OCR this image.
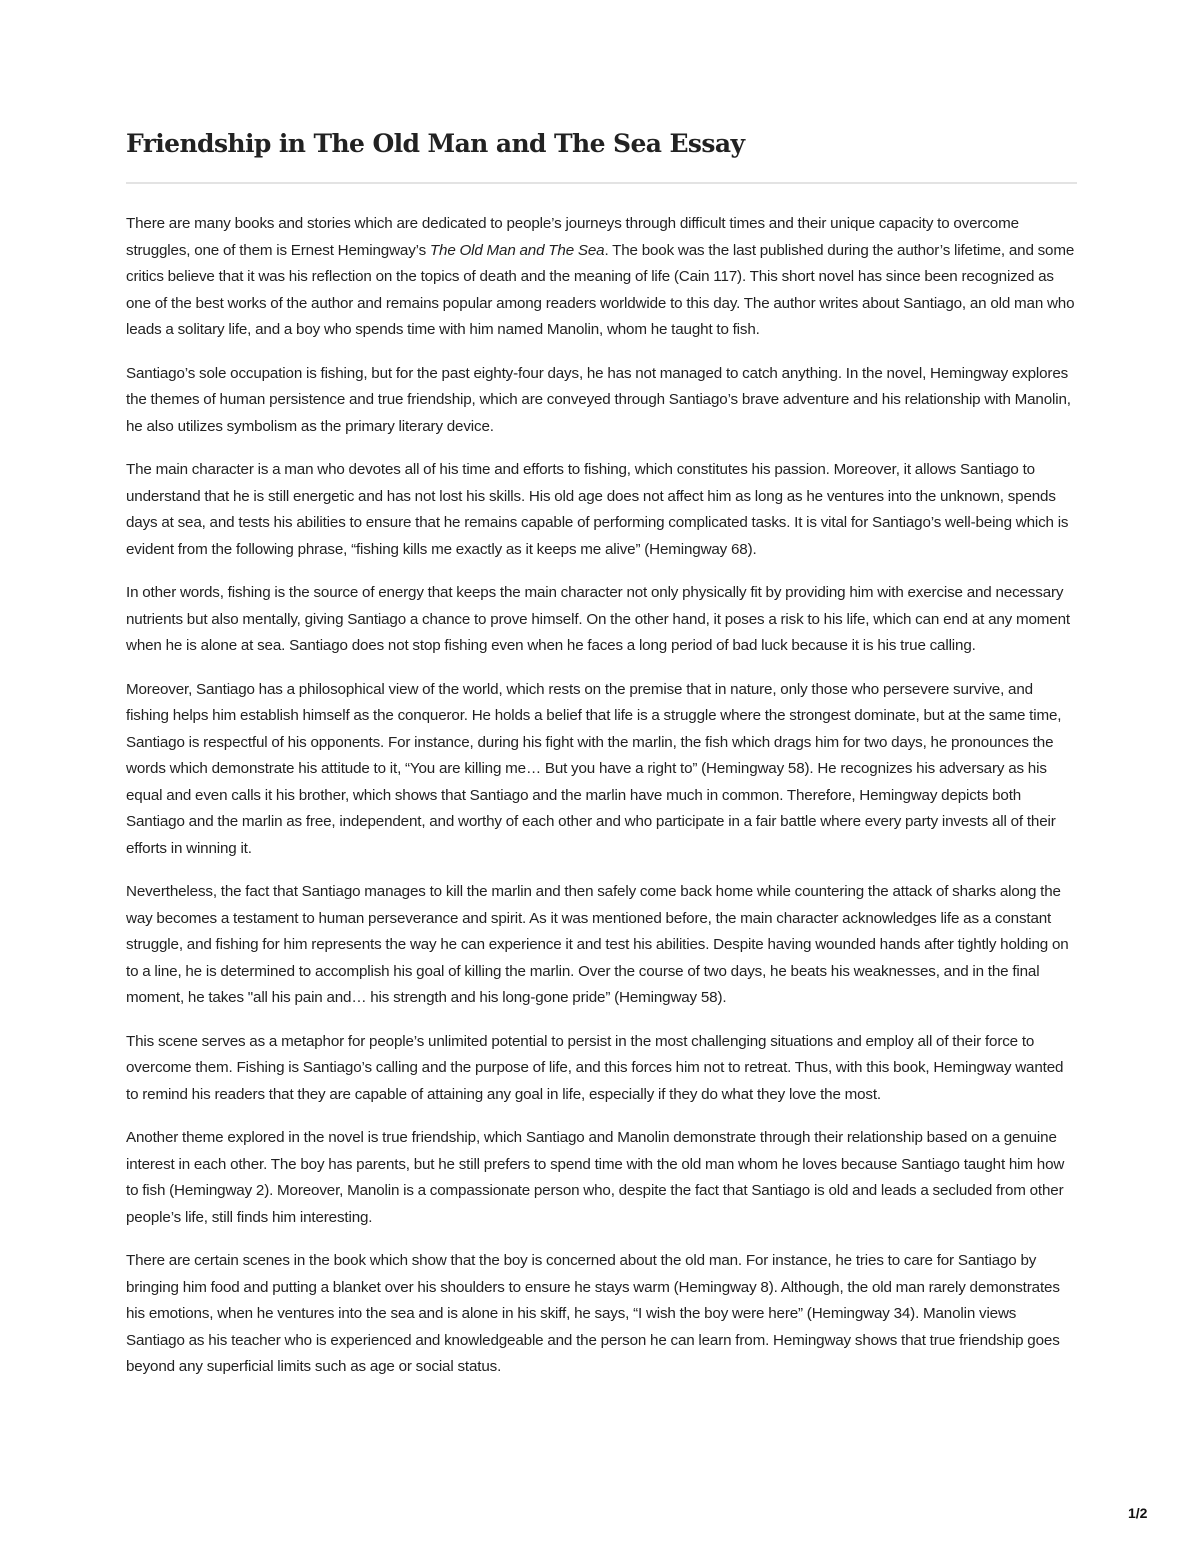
Friendship in The Old Man and The Sea Essay

There are many books and stories which are dedicated to people’s journeys through difficult times and their unique capacity to overcome struggles, one of them is Ernest Hemingway’s The Old Man and The Sea. The book was the last published during the author’s lifetime, and some critics believe that it was his reflection on the topics of death and the meaning of life (Cain 117). This short novel has since been recognized as one of the best works of the author and remains popular among readers worldwide to this day. The author writes about Santiago, an old man who leads a solitary life, and a boy who spends time with him named Manolin, whom he taught to fish.

Santiago’s sole occupation is fishing, but for the past eighty-four days, he has not managed to catch anything. In the novel, Hemingway explores the themes of human persistence and true friendship, which are conveyed through Santiago’s brave adventure and his relationship with Manolin, he also utilizes symbolism as the primary literary device.

The main character is a man who devotes all of his time and efforts to fishing, which constitutes his passion. Moreover, it allows Santiago to understand that he is still energetic and has not lost his skills. His old age does not affect him as long as he ventures into the unknown, spends days at sea, and tests his abilities to ensure that he remains capable of performing complicated tasks. It is vital for Santiago’s well-being which is evident from the following phrase, “fishing kills me exactly as it keeps me alive” (Hemingway 68).

In other words, fishing is the source of energy that keeps the main character not only physically fit by providing him with exercise and necessary nutrients but also mentally, giving Santiago a chance to prove himself. On the other hand, it poses a risk to his life, which can end at any moment when he is alone at sea. Santiago does not stop fishing even when he faces a long period of bad luck because it is his true calling.

Moreover, Santiago has a philosophical view of the world, which rests on the premise that in nature, only those who persevere survive, and fishing helps him establish himself as the conqueror. He holds a belief that life is a struggle where the strongest dominate, but at the same time, Santiago is respectful of his opponents. For instance, during his fight with the marlin, the fish which drags him for two days, he pronounces the words which demonstrate his attitude to it, “You are killing me… But you have a right to” (Hemingway 58). He recognizes his adversary as his equal and even calls it his brother, which shows that Santiago and the marlin have much in common. Therefore, Hemingway depicts both Santiago and the marlin as free, independent, and worthy of each other and who participate in a fair battle where every party invests all of their efforts in winning it.

Nevertheless, the fact that Santiago manages to kill the marlin and then safely come back home while countering the attack of sharks along the way becomes a testament to human perseverance and spirit. As it was mentioned before, the main character acknowledges life as a constant struggle, and fishing for him represents the way he can experience it and test his abilities. Despite having wounded hands after tightly holding on to a line, he is determined to accomplish his goal of killing the marlin. Over the course of two days, he beats his weaknesses, and in the final moment, he takes "all his pain and… his strength and his long-gone pride” (Hemingway 58).

This scene serves as a metaphor for people’s unlimited potential to persist in the most challenging situations and employ all of their force to overcome them. Fishing is Santiago’s calling and the purpose of life, and this forces him not to retreat. Thus, with this book, Hemingway wanted to remind his readers that they are capable of attaining any goal in life, especially if they do what they love the most.

Another theme explored in the novel is true friendship, which Santiago and Manolin demonstrate through their relationship based on a genuine interest in each other. The boy has parents, but he still prefers to spend time with the old man whom he loves because Santiago taught him how to fish (Hemingway 2). Moreover, Manolin is a compassionate person who, despite the fact that Santiago is old and leads a secluded from other people’s life, still finds him interesting.

There are certain scenes in the book which show that the boy is concerned about the old man. For instance, he tries to care for Santiago by bringing him food and putting a blanket over his shoulders to ensure he stays warm (Hemingway 8). Although, the old man rarely demonstrates his emotions, when he ventures into the sea and is alone in his skiff, he says, “I wish the boy were here” (Hemingway 34). Manolin views Santiago as his teacher who is experienced and knowledgeable and the person he can learn from. Hemingway shows that true friendship goes beyond any superficial limits such as age or social status.

1/2
